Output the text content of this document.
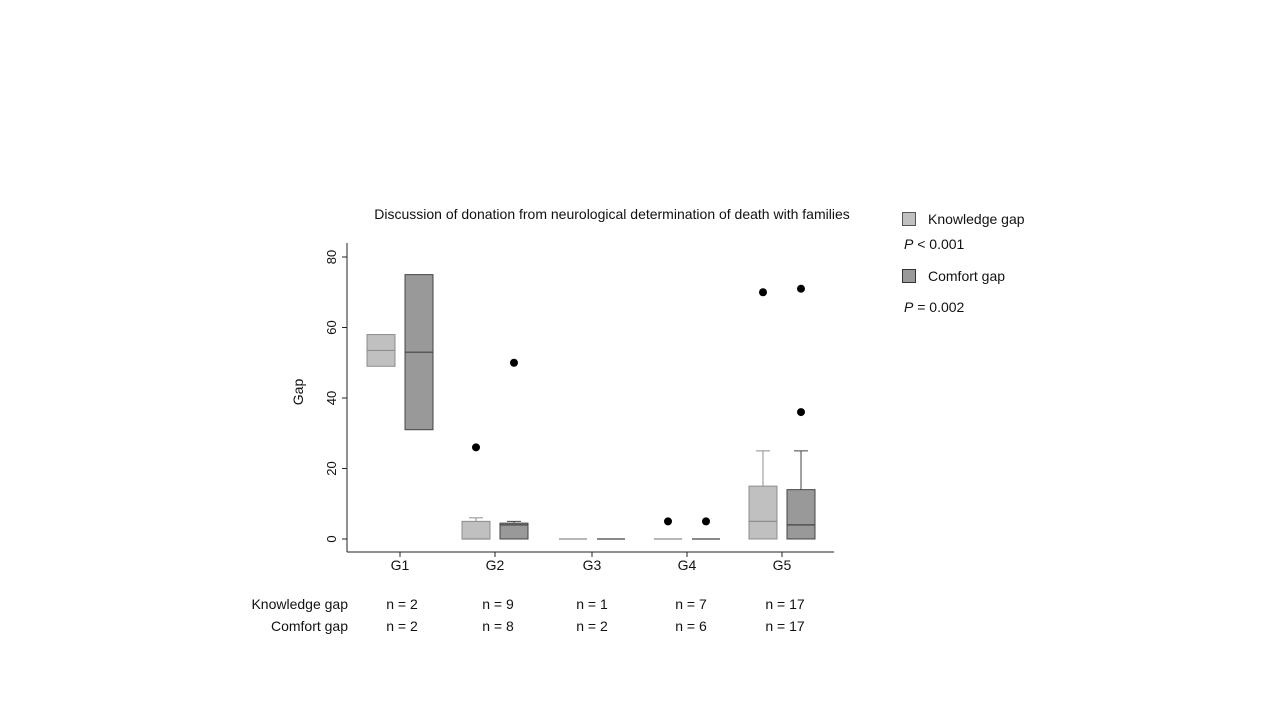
Discussion of donation from neurological determination of death with families
Gap
0
20
40
60
80
G1	G2	G3	G4	G5
Knowledge gap
P < 0.001
Comfort gap
P = 0.002
Knowledge gap	n = 2	n = 9	n = 1	n = 7	n = 17
Comfort gap	n = 2	n = 8	n = 2	n = 6	n = 17
